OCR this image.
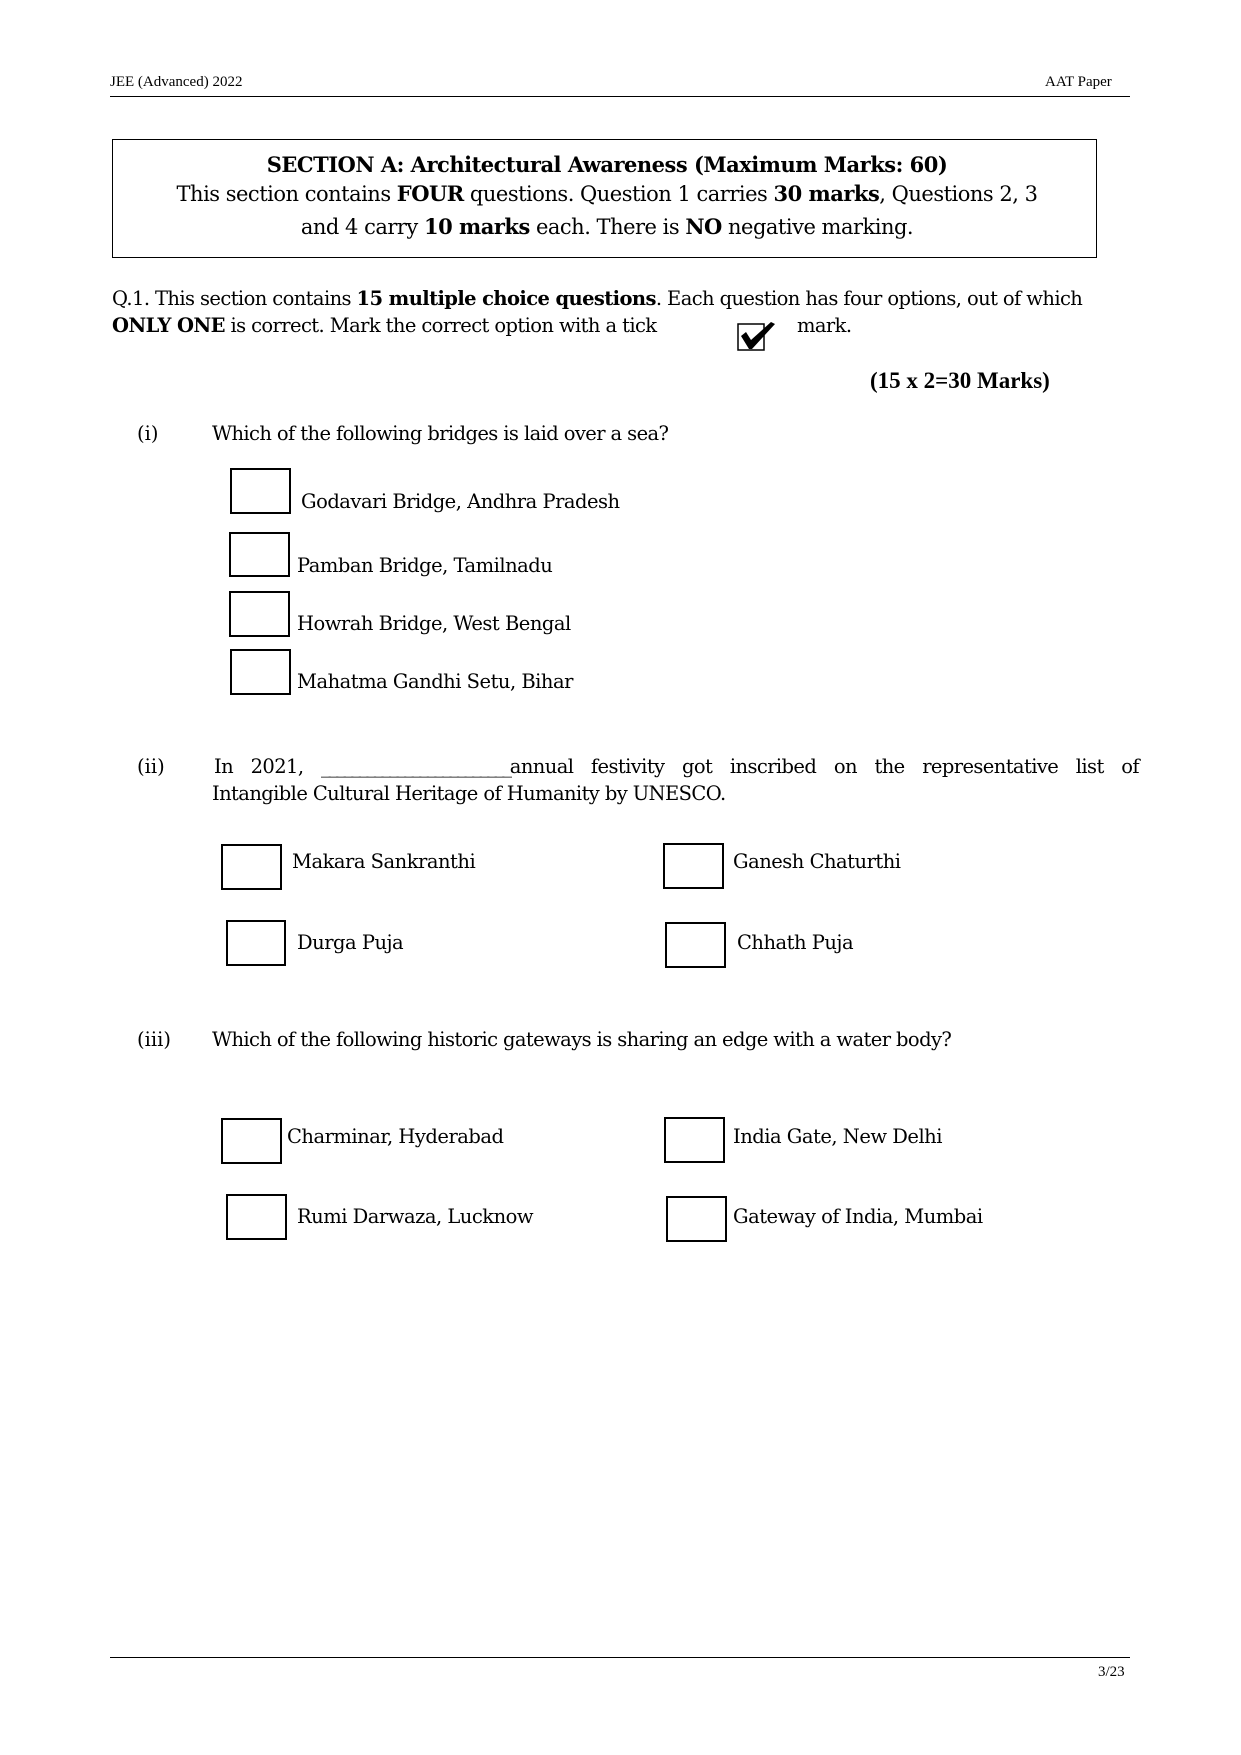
JEE (Advanced) 2022	AAT Paper
SECTION A: Architectural Awareness (Maximum Marks: 60)
This section contains FOUR questions. Question 1 carries 30 marks, Questions 2, 3
and 4 carry 10 marks each. There is NO negative marking.
Q.1. This section contains 15 multiple choice questions. Each question has four options, out of which
ONLY ONE is correct. Mark the correct option with a tick	mark.
(15 x 2=30 Marks)
(i)	Which of the following bridges is laid over a sea?
Godavari Bridge, Andhra Pradesh
Pamban Bridge, Tamilnadu
Howrah Bridge, West Bengal
Mahatma Gandhi Setu, Bihar
(ii)	In 2021, _________________________annual festivity got inscribed on the representative list of
Intangible Cultural Heritage of Humanity by UNESCO.
Makara Sankranthi	Ganesh Chaturthi
Durga Puja	Chhath Puja
(iii) Which of the following historic gateways is sharing an edge with a water body?
Charminar, Hyderabad	India Gate, New Delhi
Rumi Darwaza, Lucknow	Gateway of India, Mumbai
3/23
